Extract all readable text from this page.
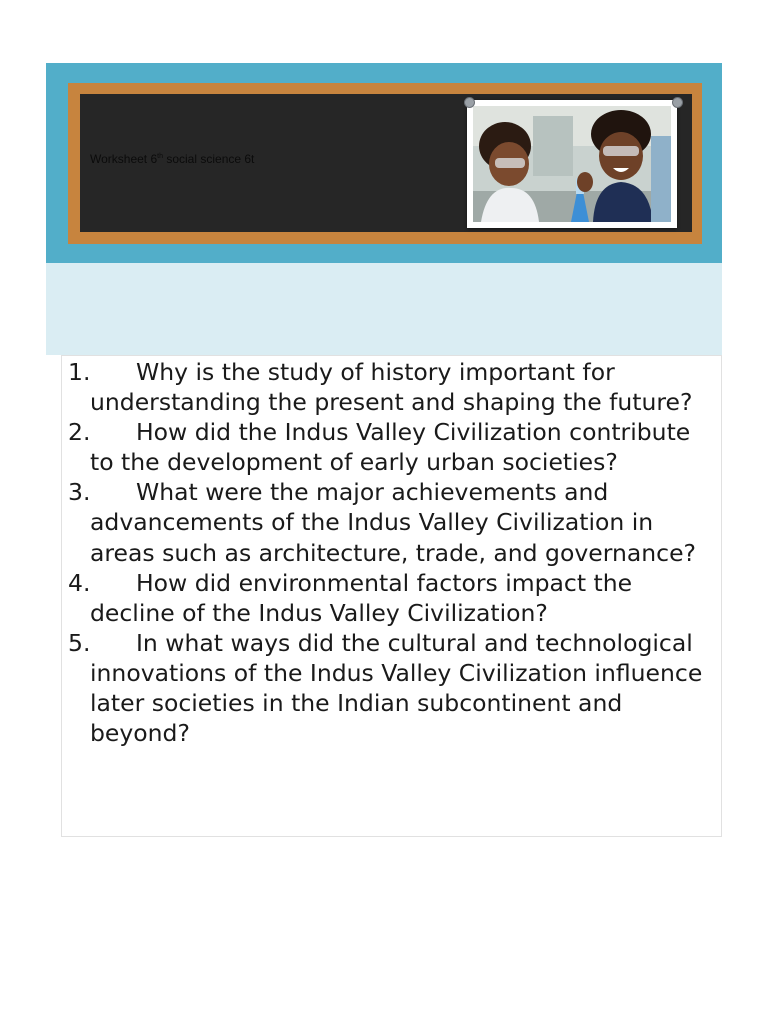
Worksheet 6th social science 6t
1. Why is the study of history important for understanding the present and shaping the future?
2. How did the Indus Valley Civilization contribute to the development of early urban societies?
3. What were the major achievements and advancements of the Indus Valley Civilization in areas such as architecture, trade, and governance?
4. How did environmental factors impact the decline of the Indus Valley Civilization?
5. In what ways did the cultural and technological innovations of the Indus Valley Civilization influence later societies in the Indian subcontinent and beyond?
